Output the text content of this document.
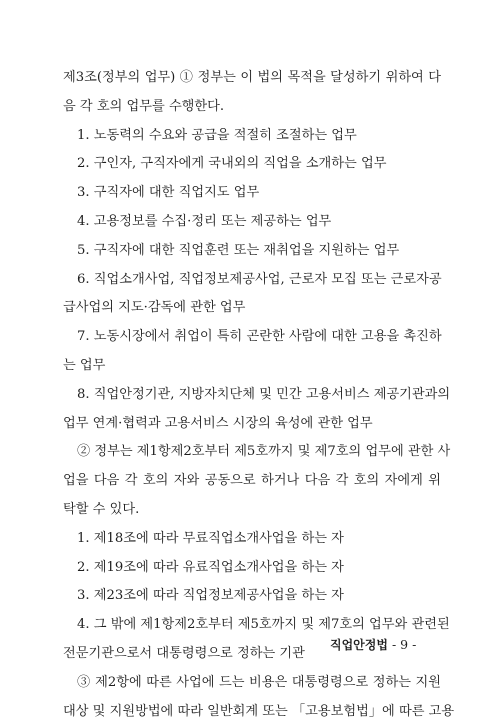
제3조(정부의 업무) ① 정부는 이 법의 목적을 달성하기 위하여 다
음 각 호의 업무를 수행한다.
1. 노동력의 수요와 공급을 적절히 조절하는 업무
2. 구인자, 구직자에게 국내외의 직업을 소개하는 업무
3. 구직자에 대한 직업지도 업무
4. 고용정보를 수집·정리 또는 제공하는 업무
5. 구직자에 대한 직업훈련 또는 재취업을 지원하는 업무
6. 직업소개사업, 직업정보제공사업, 근로자 모집 또는 근로자공
급사업의 지도·감독에 관한 업무
7. 노동시장에서 취업이 특히 곤란한 사람에 대한 고용을 촉진하
는 업무
8. 직업안정기관, 지방자치단체 및 민간 고용서비스 제공기관과의
업무 연계·협력과 고용서비스 시장의 육성에 관한 업무
② 정부는 제1항제2호부터 제5호까지 및 제7호의 업무에 관한 사
업을 다음 각 호의 자와 공동으로 하거나 다음 각 호의 자에게 위
탁할 수 있다.
1. 제18조에 따라 무료직업소개사업을 하는 자
2. 제19조에 따라 유료직업소개사업을 하는 자
3. 제23조에 따라 직업정보제공사업을 하는 자
4. 그 밖에 제1항제2호부터 제5호까지 및 제7호의 업무와 관련된
전문기관으로서 대통령령으로 정하는 기관
③ 제2항에 따른 사업에 드는 비용은 대통령령으로 정하는 지원
대상 및 지원방법에 따라 일반회계 또는 「고용보험법」에 따른 고용
직업안정법 - 9 -
